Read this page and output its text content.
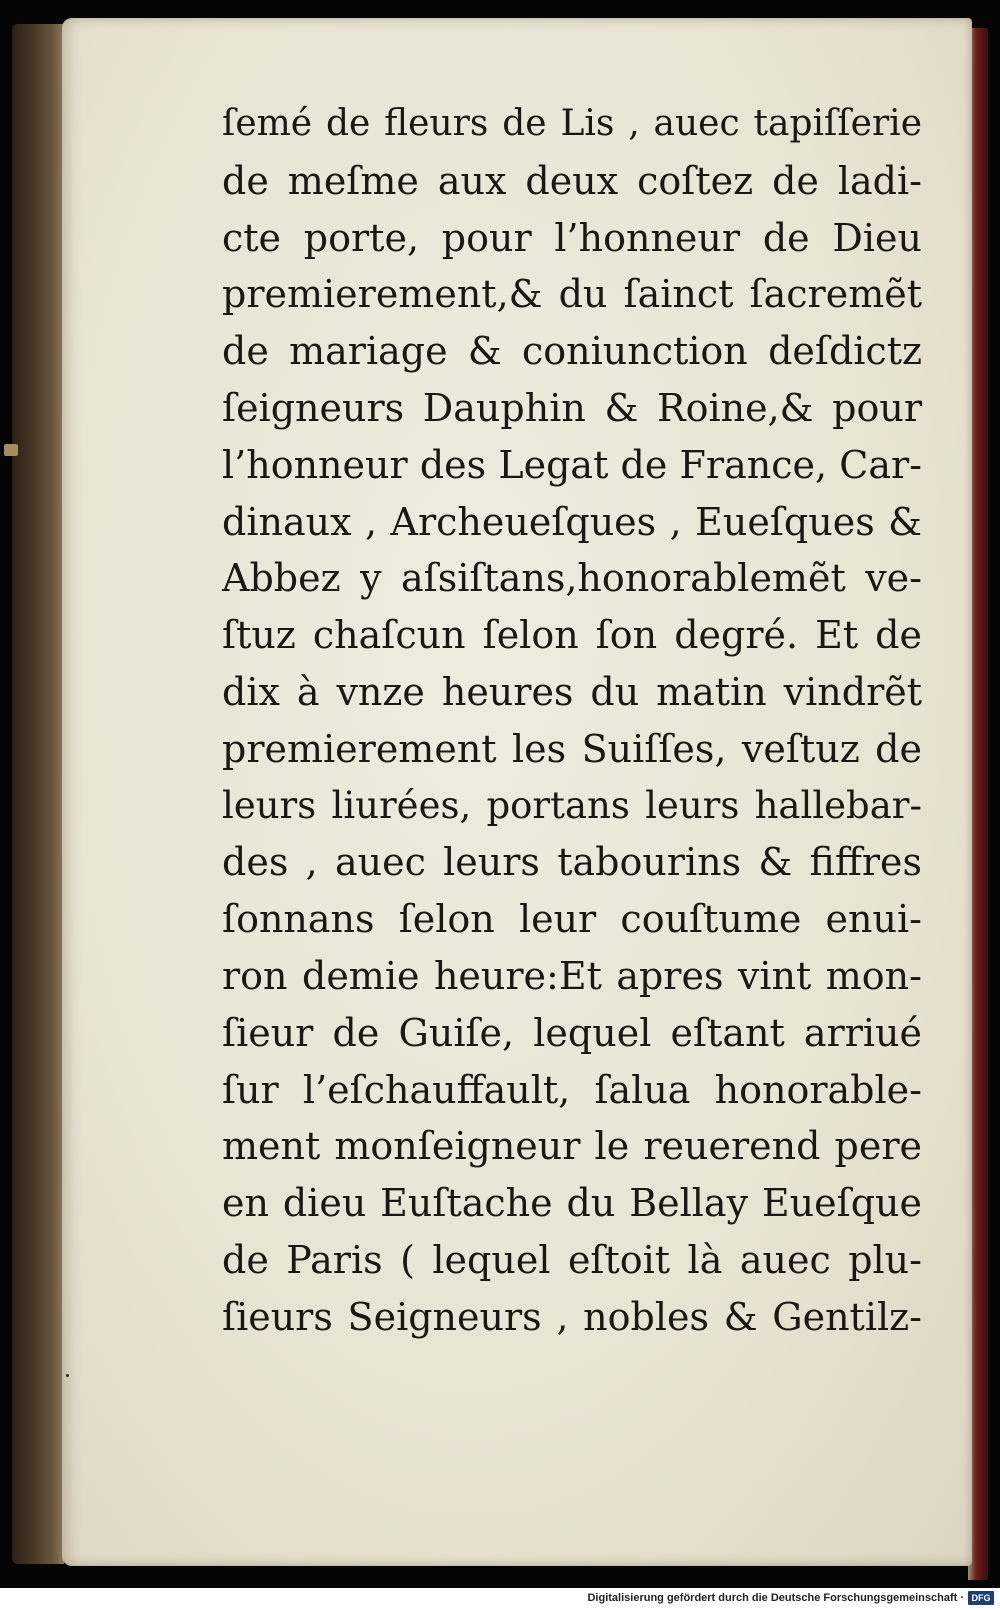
ſemé de fleurs de Lis , auec tapiſſerie
de meſme aux deux coſtez de ladi-
cte porte, pour l’honneur de Dieu
premierement,& du ſainct ſacremẽt
de mariage & coniunction deſdictz
ſeigneurs Dauphin & Roine,& pour
l’honneur des Legat de France, Car-
dinaux , Archeueſques , Eueſques &
Abbez y aſsiſtans,honorablemẽt ve-
ſtuz chaſcun ſelon ſon degré. Et de
dix à vnze heures du matin vindrẽt
premierement les Suiſſes, veſtuz de
leurs liurées, portans leurs hallebar-
des , auec leurs tabourins & fiffres
ſonnans ſelon leur couſtume enui-
ron demie heure:Et apres vint mon-
ſieur de Guiſe, lequel eſtant arriué
ſur l’eſchauffault, ſalua honorable-
ment monſeigneur le reuerend pere
en dieu Euſtache du Bellay Eueſque
de Paris ( lequel eſtoit là auec plu-
ſieurs Seigneurs , nobles & Gentilz-
Digitalisierung gefördert durch die Deutsche Forschungsgemeinschaft · DFG
